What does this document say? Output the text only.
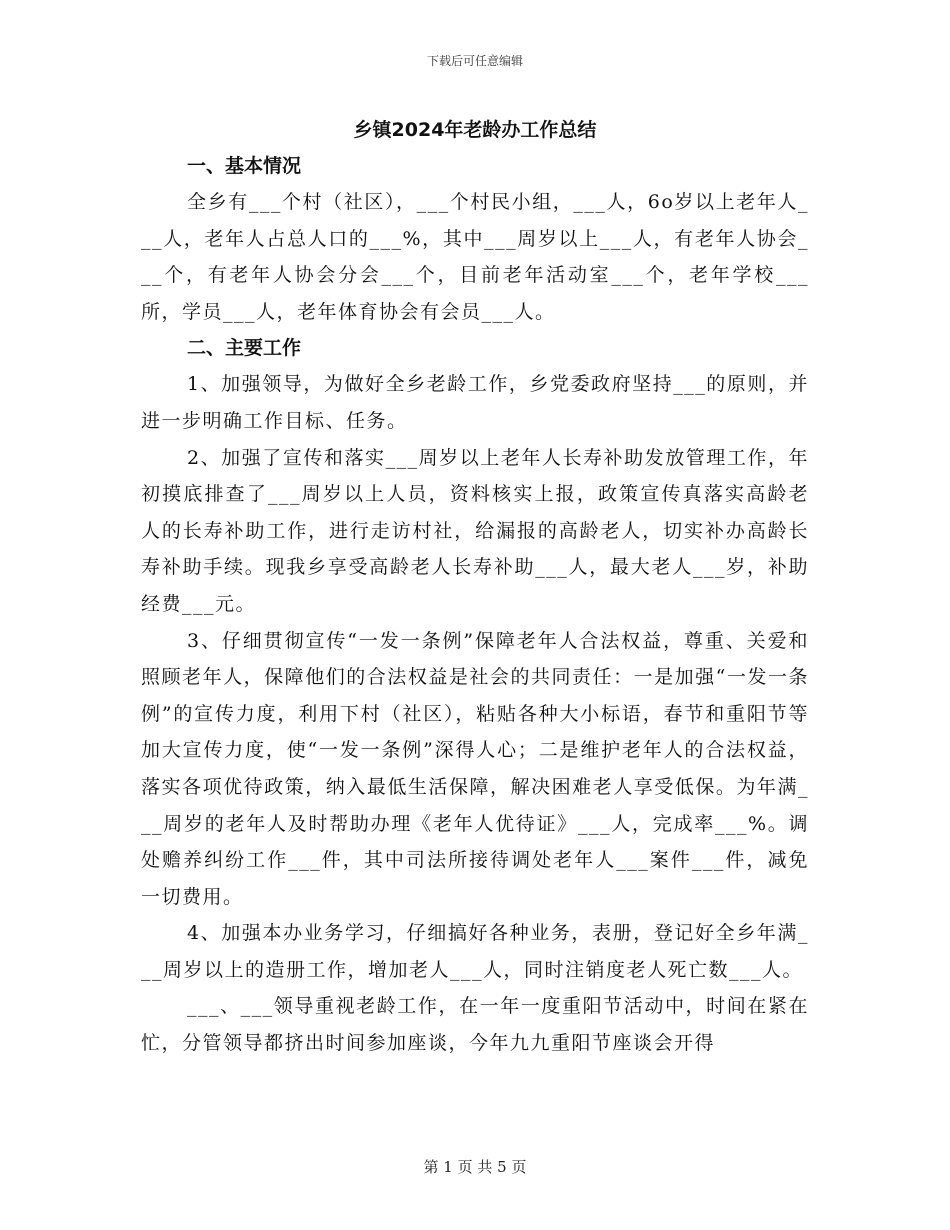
下载后可任意编辑
乡镇2024年老龄办工作总结
一、基本情况

全乡有___个村（社区），___个村民小组，___人，6o岁以上老年人___人，老年人占总人口的___%，其中___周岁以上___人，有老年人协会___个，有老年人协会分会___个，目前老年活动室___个，老年学校___所，学员___人，老年体育协会有会员___人。

二、主要工作

1、加强领导，为做好全乡老龄工作，乡党委政府坚持___的原则，并进一步明确工作目标、任务。

2、加强了宣传和落实___周岁以上老年人长寿补助发放管理工作，年初摸底排查了___周岁以上人员，资料核实上报，政策宣传真落实高龄老人的长寿补助工作，进行走访村社，给漏报的高龄老人，切实补办高龄长寿补助手续。现我乡享受高龄老人长寿补助___人，最大老人___岁，补助经费___元。

3、仔细贯彻宣传“一发一条例”保障老年人合法权益，尊重、关爱和照顾老年人，保障他们的合法权益是社会的共同责任：一是加强“一发一条例”的宣传力度，利用下村（社区），粘贴各种大小标语，春节和重阳节等加大宣传力度，使“一发一条例”深得人心；二是维护老年人的合法权益，落实各项优待政策，纳入最低生活保障，解决困难老人享受低保。为年满___周岁的老年人及时帮助办理《老年人优待证》___人，完成率___%。调处赡养纠纷工作___件，其中司法所接待调处老年人___案件___件，减免一切费用。

4、加强本办业务学习，仔细搞好各种业务，表册，登记好全乡年满___周岁以上的造册工作，增加老人___人，同时注销度老人死亡数___人。

___、___领导重视老龄工作，在一年一度重阳节活动中，时间在紧在忙，分管领导都挤出时间参加座谈，今年九九重阳节座谈会开得

第 1 页 共 5 页
